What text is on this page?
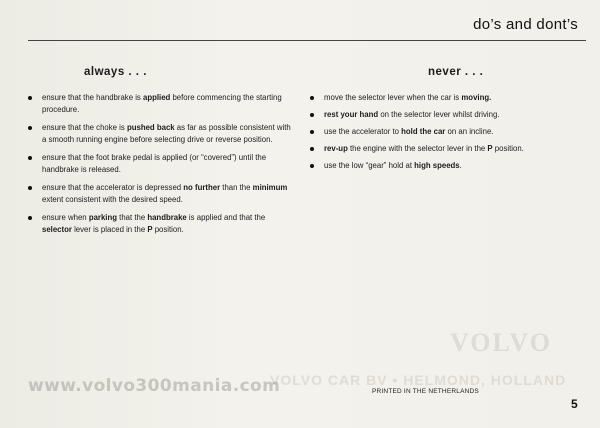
do’s and dont’s
always . . .
ensure that the handbrake is applied before commencing the starting procedure.
ensure that the choke is pushed back as far as possible consistent with a smooth running engine before selecting drive or reverse position.
ensure that the foot brake pedal is applied (or “covered”) until the handbrake is released.
ensure that the accelerator is depressed no further than the minimum extent consistent with the desired speed.
ensure when parking that the handbrake is applied and that the selector lever is placed in the P position.
never . . .
move the selector lever when the car is moving.
rest your hand on the selector lever whilst driving.
use the accelerator to hold the car on an incline.
rev-up the engine with the selector lever in the P position.
use the low “gear” hold at high speeds.
VOLVO
VOLVO CAR BV • HELMOND, HOLLAND
www.volvo300mania.com	PRINTED IN THE NETHERLANDS
5
